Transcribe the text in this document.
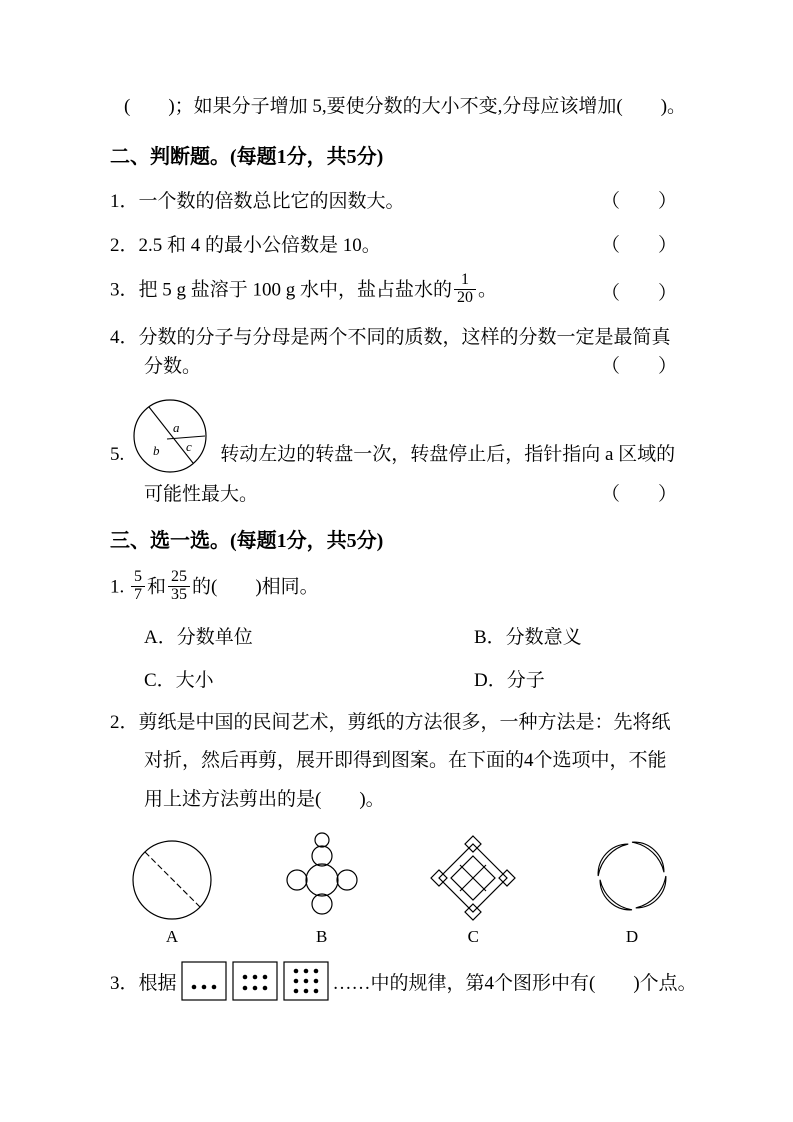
(　　)；如果分子增加 5,要使分数的大小不变,分母应该增加(　　)。
二、判断题。(每题1分，共5分)
1．一个数的倍数总比它的因数大。	（　　）
2．2.5 和 4 的最小公倍数是 10。	（　　）
3．把 5 g 盐溶于 100 g 水中，盐占盐水的 $\frac{1}{20}$ 。	（　　）
4．分数的分子与分母是两个不同的质数，这样的分数一定是最简真
分数。	（　　）
5.
a
b c 转动左边的转盘一次，转盘停止后，指针指向 a 区域的
可能性最大。	（　　）
三、选一选。(每题1分，共5分)
1. $\frac{5}{7}$ 和 $\frac{25}{35}$ 的(　　)相同。
A．分数单位	B．分数意义
C．大小	D．分子
2．剪纸是中国的民间艺术，剪纸的方法很多，一种方法是：先将纸
对折，然后再剪，展开即得到图案。在下面的4个选项中，不能
用上述方法剪出的是(　　)。
A	B	C	D
3．根据	……中的规律，第4个图形中有(　　)个点。
